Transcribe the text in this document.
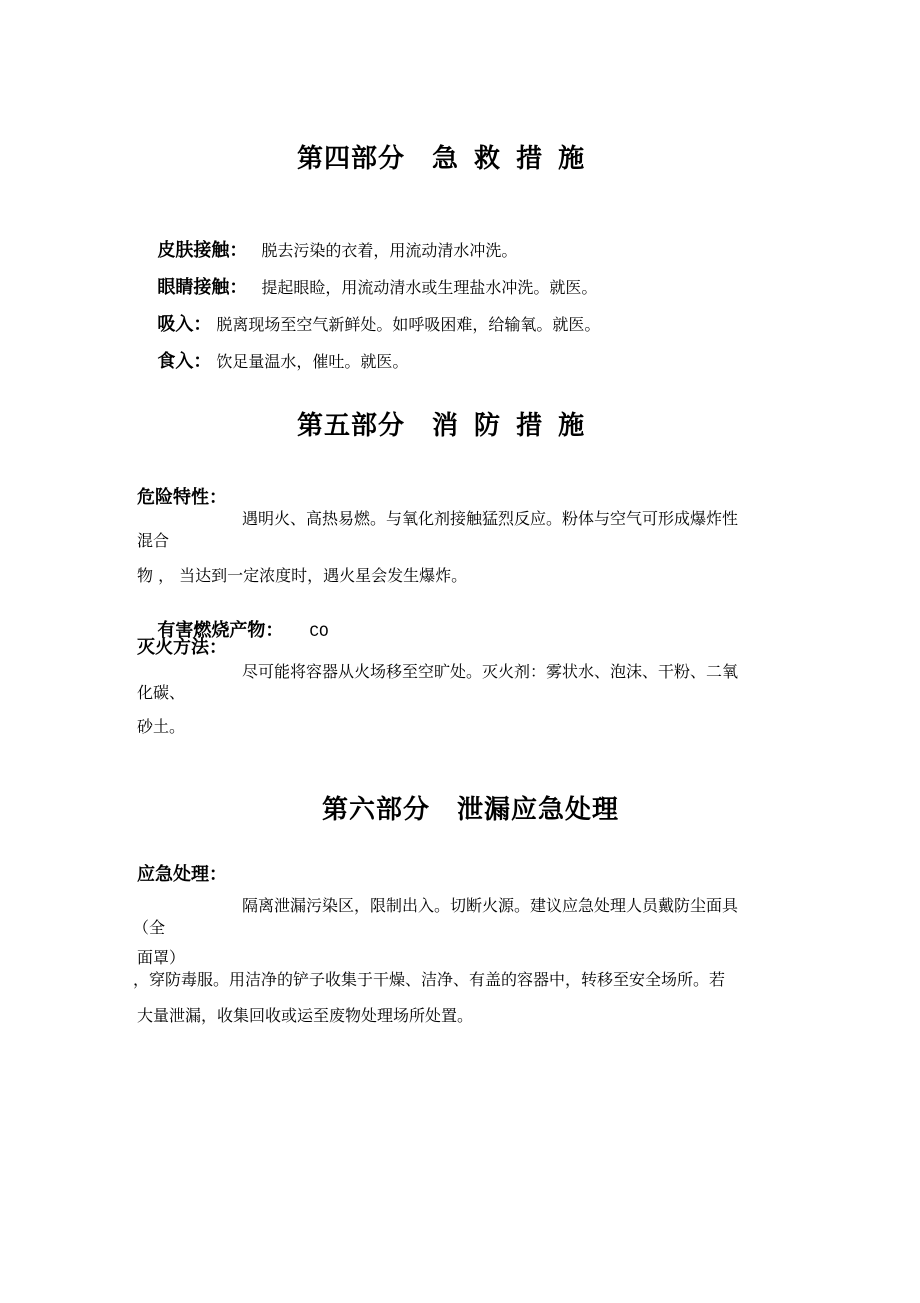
第四部分　急 救 措 施

皮肤接触： 脱去污染的衣着，用流动清水冲洗。

眼睛接触： 提起眼睑，用流动清水或生理盐水冲洗。就医。

吸入： 脱离现场至空气新鲜处。如呼吸困难，给输氧。就医。

食入： 饮足量温水，催吐。就医。

第五部分　消 防 措 施
危险特性：
遇明火、高热易燃。与氧化剂接触猛烈反应。粉体与空气可形成爆炸性
混合
物 ， 当达到一定浓度时，遇火星会发生爆炸。

有害燃烧产物： CO

灭火方法：
尽可能将容器从火场移至空旷处。灭火剂：雾状水、泡沫、干粉、二氧
化碳、
砂土。
第六部分　泄漏应急处理
应急处理：
隔离泄漏污染区，限制出入。切断火源。建议应急处理人员戴防尘面具
（全
面罩）
，穿防毒服。用洁净的铲子收集于干燥、洁净、有盖的容器中，转移至安全场所。若
大量泄漏，收集回收或运至废物处理场所处置。
